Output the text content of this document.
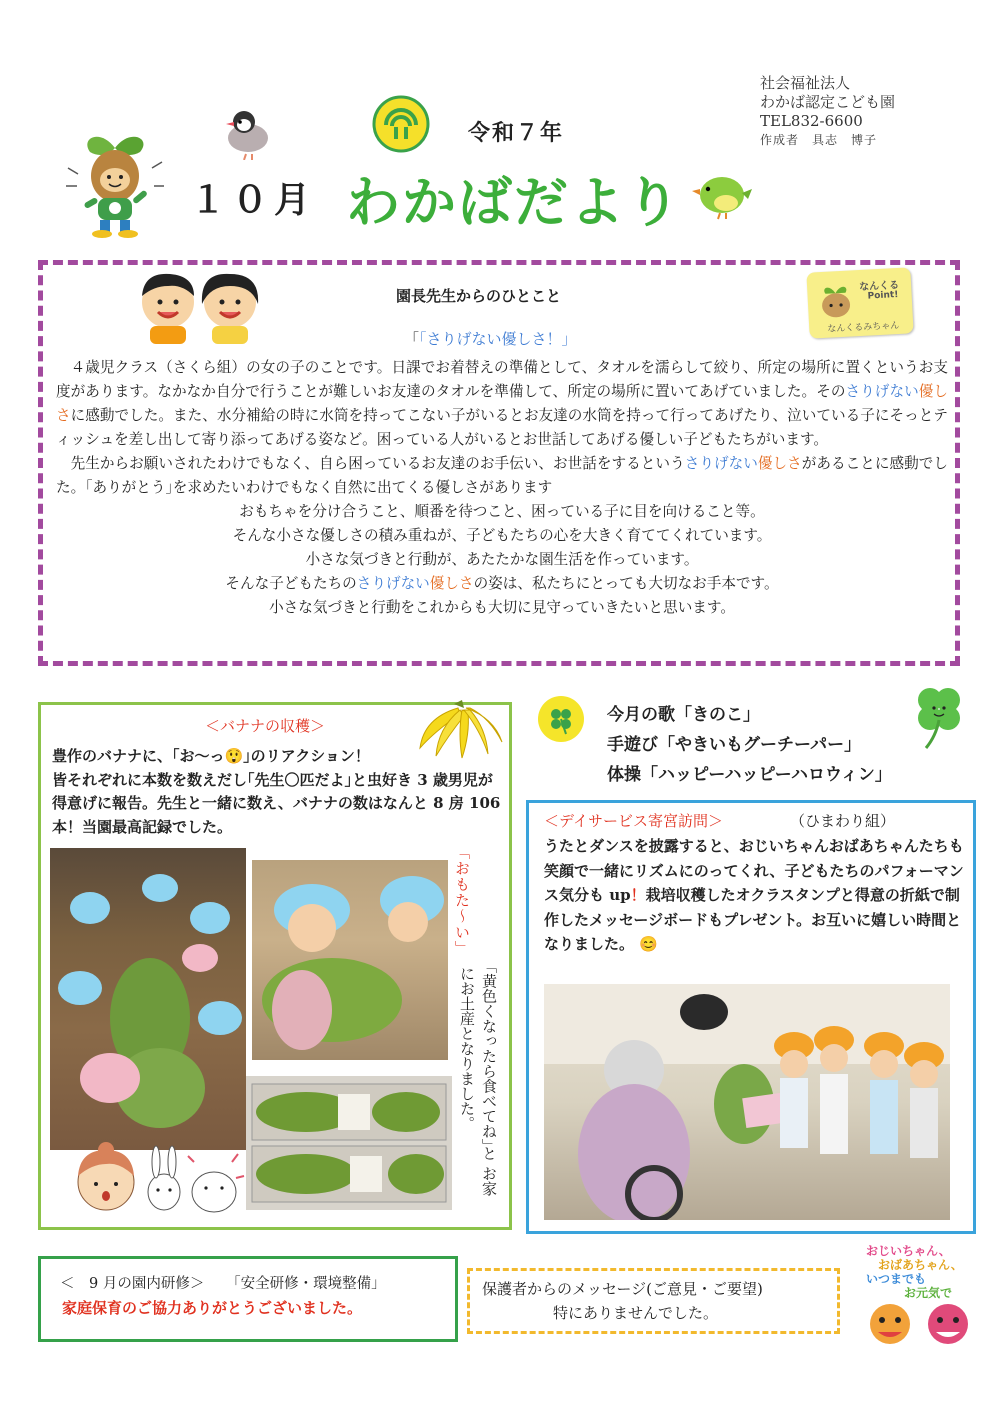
令和７年
社会福祉法人
わかば認定こども園
TEL832-6600
作成者　具志　博子
１０月 わかばだより
園長先生からのひとこと
なんくる
Point!
なんくるみちゃん
「「さりげない優しさ！」

　４歳児クラス（さくら組）の女の子のことです。日課でお着替えの準備として、タオルを濡らして絞り、所定の場所に置くというお支度があります。なかなか自分で行うことが難しいお友達のタオルを準備して、所定の場所に置いてあげていました。そのさりげない優しさに感動でした。また、水分補給の時に水筒を持ってこない子がいるとお友達の水筒を持って行ってあげたり、泣いている子にそっとティッシュを差し出して寄り添ってあげる姿など。困っている人がいるとお世話してあげる優しい子どもたちがいます。

　先生からお願いされたわけでもなく、自ら困っているお友達のお手伝い、お世話をするというさりげない優しさがあることに感動でした。｢ありがとう｣を求めたいわけでもなく自然に出てくる優しさがあります

おもちゃを分け合うこと、順番を待つこと、困っている子に目を向けること等。

そんな小さな優しさの積み重ねが、子どもたちの心を大きく育ててくれています。

小さな気づきと行動が、あたたかな園生活を作っています。

そんな子どもたちのさりげない優しさの姿は、私たちにとっても大切なお手本です。

小さな気づきと行動をこれからも大切に見守っていきたいと思います。

＜バナナの収穫＞
豊作のバナナに、｢お〜っ😲｣のリアクション！
皆それぞれに本数を数えだし｢先生〇匹だよ｣と虫好き 3 歳男児が得意げに報告。先生と一緒に数え、バナナの数はなんと 8 房 106 本！当園最高記録でした。
｢おもた〜い｣
｢黄色くなったら食べてね｣と お家にお土産となりました。
今月の歌「きのこ」
手遊び「やきいもグーチーパー」
体操「ハッピーハッピーハロウィン」
＜デイサービス寄宮訪問＞	（ひまわり組）
うたとダンスを披露すると、おじいちゃんおばあちゃんたちも笑顔で一緒にリズムにのってくれ、子どもたちのパフォーマンス気分も up！栽培収穫したオクラスタンプと得意の折紙で制作したメッセージボードもプレゼント。お互いに嬉しい時間となりました。 😊
＜　9 月の園内研修＞　　「安全研修・環境整備」
家庭保育のご協力ありがとうございました。
保護者からのメッセージ(ご意見・ご要望)
特にありませんでした。
おじいちゃん、
おばあちゃん、
いつまでも
お元気で
